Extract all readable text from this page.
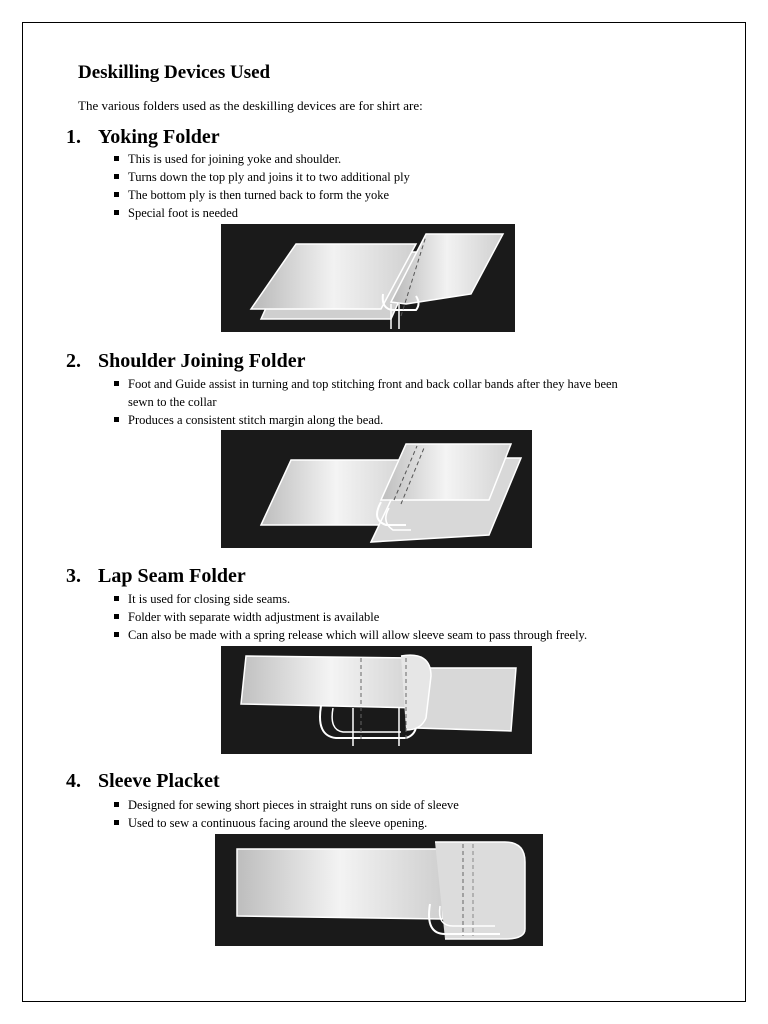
Deskilling Devices Used
The various folders used as the deskilling devices are for shirt are:
1. Yoking Folder
This is used for joining yoke and shoulder.
Turns down the top ply and joins it to two additional ply
The bottom ply is then turned back to form the yoke
Special foot is needed
2. Shoulder Joining Folder
Foot and Guide assist in turning and top stitching front and back collar bands after they have been
sewn to the collar
Produces a consistent stitch margin along the bead.
3. Lap Seam Folder
It is used for closing side seams.
Folder with separate width adjustment is available
Can also be made with a spring release which will allow sleeve seam to pass through freely.
4. Sleeve Placket
Designed for sewing short pieces in straight runs on side of sleeve
Used to sew a continuous facing around the sleeve opening.
